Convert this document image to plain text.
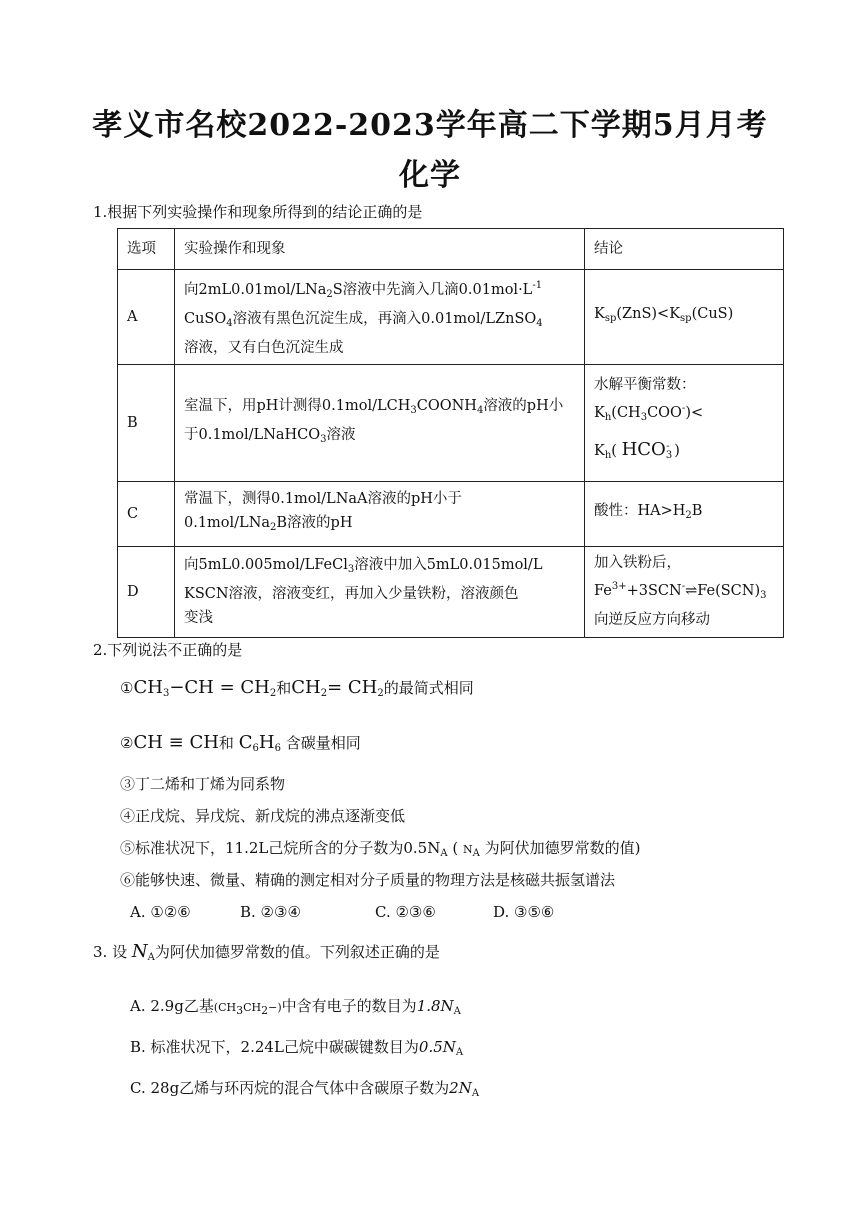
孝义市名校2022-2023学年高二下学期5月月考
化学
1.根据下列实验操作和现象所得到的结论正确的是
选项	实验操作和现象	结论
A	向2mL0.01mol/LNa$_2$S溶液中先滴入几滴$0.01mol\cdot L^{-1}$
CuSO$_4$溶液有黑色沉淀生成，再滴入0.01mol/LZnSO$_4$
溶液，又有白色沉淀生成	$K_{sp}(ZnS)<K_{sp}(CuS)$
B	室温下，用pH计测得$0.1mol/LCH_3COONH_4$溶液的pH小于0.1mol/LNaHCO$_3$溶液	水解平衡常数：
$K_h(CH_3COO^-)<$
$K_h$( $HCO_3^-$ )
C	常温下，测得0.1mol/LNaA溶液的pH小于
0.1mol/LNa$_2$B溶液的pH	酸性：$HA>H_2B$
D	向5mL0.005mol/LFeCl$_3$溶液中加入5mL0.015mol/L
KSCN溶液，溶液变红，再加入少量铁粉，溶液颜色
变浅	加入铁粉后，
$Fe^{3+}+3SCN^-\rightleftharpoons Fe(SCN)_3$
向逆反应方向移动
2.下列说法不正确的是
$①CH_3-CH = CH_2$和$CH_2= CH_2$的最简式相同
②CH ≡ CH和 $C_6H_6$ 含碳量相同
③丁二烯和丁烯为同系物
④正戊烷、异戊烷、新戊烷的沸点逐渐变低
⑤标准状况下，11.2L己烷所含的分子数为$0.5N_A$ ( $N_A$ 为阿伏加德罗常数的值)
⑥能够快速、微量、精确的测定相对分子质量的物理方法是核磁共振氢谱法
A. ①②⑥	B. ②③④	C. ②③⑥	D. ③⑤⑥
3. 设 $N_A$为阿伏加德罗常数的值。下列叙述正确的是
A. 2.9g乙基$(CH_3CH_2-)$中含有电子的数目为$1.8N_A$
B. 标准状况下，2.24L己烷中碳碳键数目为$0.5N_A$
C. 28g乙烯与环丙烷的混合气体中含碳原子数为$2N_A$
